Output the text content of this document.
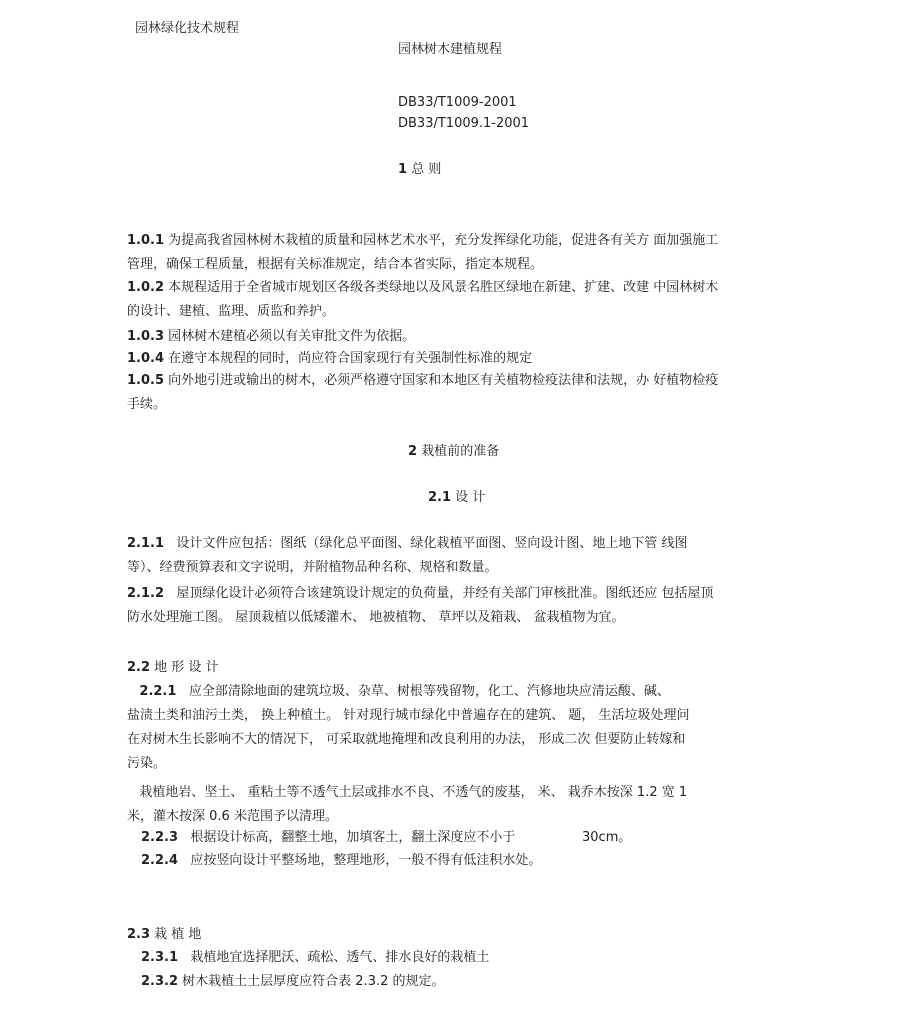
园林绿化技术规程
园林树木建植规程
DB33/T1009-2001
DB33/T1009.1-2001
1 总 则
1.0.1 为提高我省园林树木栽植的质量和园林艺术水平，充分发挥绿化功能，促进各有关方 面加强施工
管理，确保工程质量，根据有关标准规定，结合本省实际，指定本规程。
1.0.2 本规程适用于全省城市规划区各级各类绿地以及风景名胜区绿地在新建、扩建、改建 中园林树木
的设计、建植、监理、质监和养护。
1.0.3 园林树木建植必须以有关审批文件为依据。
1.0.4 在遵守本规程的同时，尚应符合国家现行有关强制性标准的规定
1.0.5 向外地引进或输出的树木，必须严格遵守国家和本地区有关植物检疫法律和法规，办 好植物检疫
手续。
2 栽植前的准备
2.1 设 计
2.1.1 设计文件应包括：图纸（绿化总平面图、绿化栽植平面图、竖向设计图、地上地下管 线图
等）、经费预算表和文字说明，并附植物品种名称、规格和数量。
2.1.2 屋顶绿化设计必须符合该建筑设计规定的负荷量，并经有关部门审核批准。图纸还应 包括屋顶
防水处理施工图。 屋顶栽植以低矮灌木、 地被植物、 草坪以及箱栽、 盆栽植物为宜。
2.2 地 形 设 计
2.2.1 应全部清除地面的建筑垃圾、杂草、树根等残留物，化工、汽修地块应清运酸、碱、
盐渍土类和油污土类， 换上种植土。 针对现行城市绿化中普遍存在的建筑、 题， 生活垃圾处理问
在对树木生长影响不大的情况下， 可采取就地掩埋和改良利用的办法， 形成二次 但要防止转嫁和
污染。
栽植地岩、坚土、 重粘土等不透气土层或排水不良、不透气的废基， 米、 栽乔木按深 1.2 宽 1
米，灌木按深 0.6 米范围予以清理。
2.2.3 根据设计标高，翻整土地，加填客土，翻土深度应不小于	30cm。
2.2.4 应按竖向设计平整场地，整理地形，一般不得有低洼积水处。
2.3 栽 植 地
2.3.1 栽植地宜选择肥沃、疏松、透气、排水良好的栽植土
2.3.2 树木栽植土土层厚度应符合表 2.3.2 的规定。
